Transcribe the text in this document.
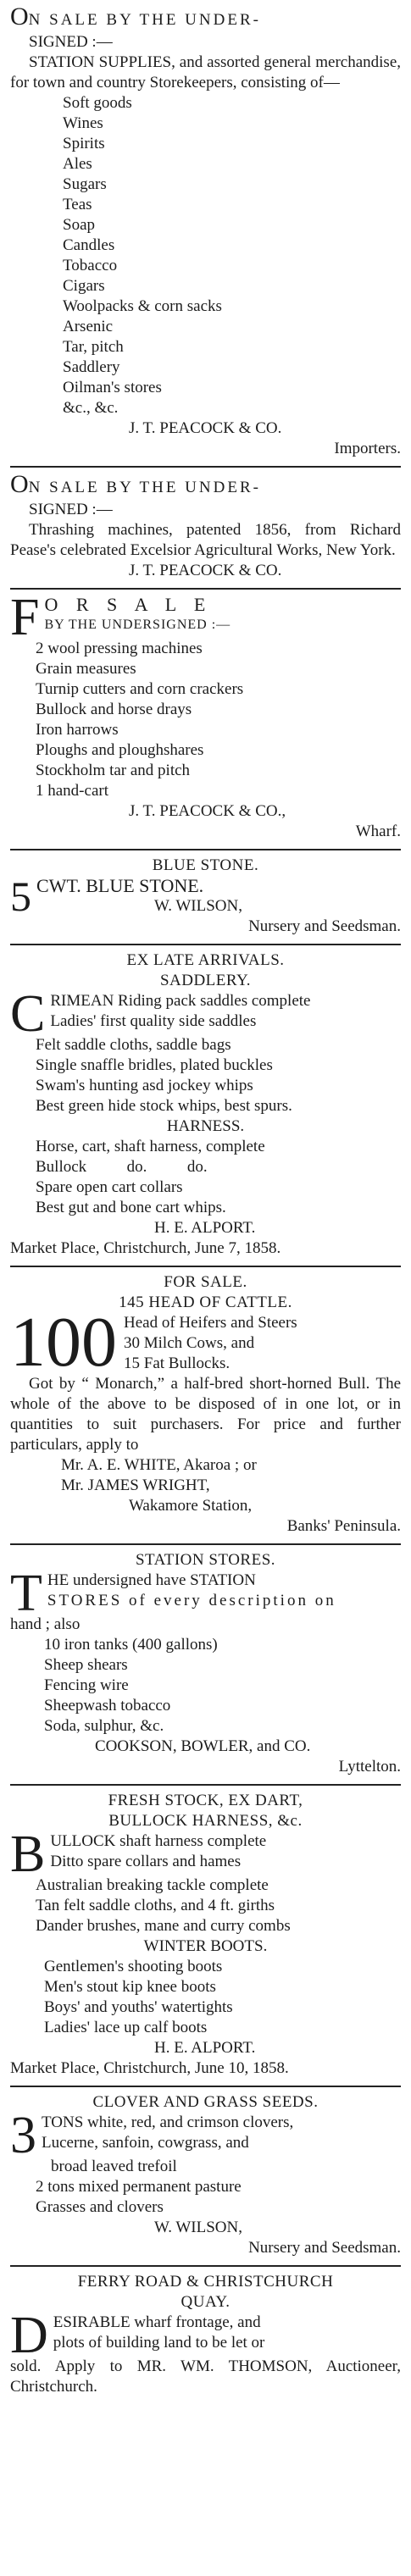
ON SALE BY THE UNDER-
SIGNED :—
STATION SUPPLIES, and assorted general merchandise, for town and country Storekeepers, consisting of—
Soft goods
Wines
Spirits
Ales
Sugars
Teas
Soap
Candles
Tobacco
Cigars
Woolpacks & corn sacks
Arsenic
Tar, pitch
Saddlery
Oilman's stores
&c., &c.
J. T. PEACOCK & CO.
Importers.
ON SALE BY THE UNDER-
SIGNED :—
Thrashing machines, patented 1856, from Richard Pease's celebrated Excelsior Agricultural Works, New York.
J. T. PEACOCK & CO.
F O R S A L E
BY THE UNDERSIGNED :—
2 wool pressing machines
Grain measures
Turnip cutters and corn crackers
Bullock and horse drays
Iron harrows
Ploughs and ploughshares
Stockholm tar and pitch
1 hand-cart
J. T. PEACOCK & CO.,
Wharf.
BLUE STONE.
5 CWT. BLUE STONE.
W. WILSON,
Nursery and Seedsman.
EX LATE ARRIVALS.
SADDLERY.
C RIMEAN Riding pack saddles complete
Ladies' first quality side saddles
Felt saddle cloths, saddle bags
Single snaffle bridles, plated buckles
Swam's hunting asd jockey whips
Best green hide stock whips, best spurs.
HARNESS.
Horse, cart, shaft harness, complete
Bullock          do.          do.
Spare open cart collars
Best gut and bone cart whips.
H. E. ALPORT.
Market Place, Christchurch, June 7, 1858.
FOR SALE.
145 HEAD OF CATTLE.
100 Head of Heifers and Steers
30 Milch Cows, and
15 Fat Bullocks.
Got by “ Monarch,” a half-bred short-horned Bull. The whole of the above to be disposed of in one lot, or in quantities to suit purchasers. For price and further particulars, apply to
Mr. A. E. WHITE, Akaroa ; or
Mr. JAMES WRIGHT,
Wakamore Station,
Banks' Peninsula.
STATION STORES.
T HE undersigned have STATION
STORES of every description on
hand ; also
10 iron tanks (400 gallons)
Sheep shears
Fencing wire
Sheepwash tobacco
Soda, sulphur, &c.
COOKSON, BOWLER, and CO.
Lyttelton.
FRESH STOCK, EX DART,
BULLOCK HARNESS, &c.
B ULLOCK shaft harness complete
Ditto spare collars and hames
Australian breaking tackle complete
Tan felt saddle cloths, and 4 ft. girths
Dander brushes, mane and curry combs
WINTER BOOTS.
Gentlemen's shooting boots
Men's stout kip knee boots
Boys' and youths' watertights
Ladies' lace up calf boots
H. E. ALPORT.
Market Place, Christchurch, June 10, 1858.
CLOVER AND GRASS SEEDS.
3 TONS white, red, and crimson clovers,
Lucerne, sanfoin, cowgrass, and
broad leaved trefoil
2 tons mixed permanent pasture
Grasses and clovers
W. WILSON,
Nursery and Seedsman.
FERRY ROAD & CHRISTCHURCH
QUAY.
D ESIRABLE wharf frontage, and
plots of building land to be let or
sold. Apply to MR. WM. THOMSON, Auctioneer, Christchurch.
